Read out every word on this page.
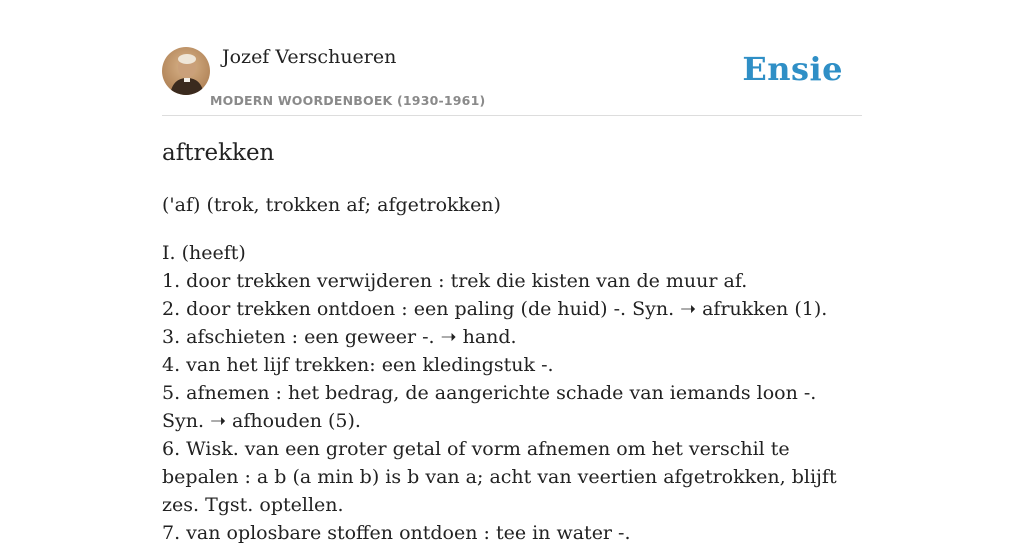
Jozef Verschueren
MODERN WOORDENBOEK (1930-1961)
Ensie
aftrekken
('af) (trok, trokken af; afgetrokken)

I. (heeft)

1. door trekken verwijderen : trek die kisten van de muur af.

2. door trekken ontdoen : een paling (de huid) -. Syn. ➝ afrukken (1).

3. afschieten : een geweer -. ➝ hand.

4. van het lijf trekken: een kledingstuk -.

5. afnemen : het bedrag, de aangerichte schade van iemands loon -. Syn. ➝ afhouden (5).

6. Wisk. van een groter getal of vorm afnemen om het verschil te bepalen : a b (a min b) is b van a; acht van veertien afgetrokken, blijft zes. Tgst. optellen.

7. van oplosbare stoffen ontdoen : tee in water -.
